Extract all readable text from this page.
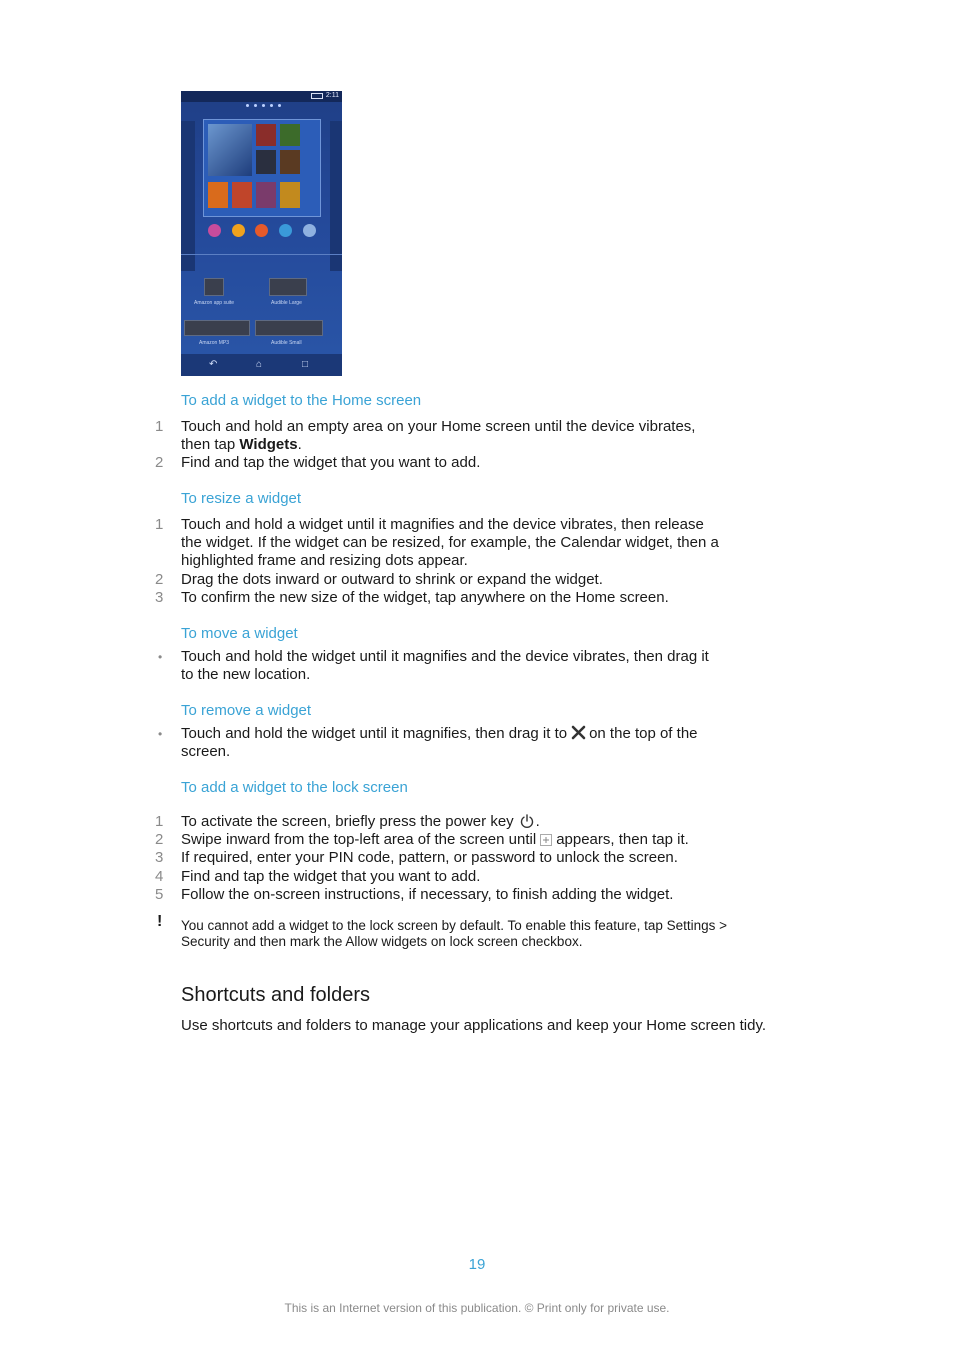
2:11
Amazon app suite	Audible Large
Amazon MP3	Audible Small
↶	⌂	□
To add a widget to the Home screen
1 Touch and hold an empty area on your Home screen until the device vibrates,
then tap Widgets.
2 Find and tap the widget that you want to add.
To resize a widget
1 Touch and hold a widget until it magnifies and the device vibrates, then release
the widget. If the widget can be resized, for example, the Calendar widget, then a
highlighted frame and resizing dots appear.
2 Drag the dots inward or outward to shrink or expand the widget.
3 To confirm the new size of the widget, tap anywhere on the Home screen.
To move a widget
• Touch and hold the widget until it magnifies and the device vibrates, then drag it
to the new location.
To remove a widget
• Touch and hold the widget until it magnifies, then drag it to on the top of the
screen.
To add a widget to the lock screen
1 To activate the screen, briefly press the power key .
2 Swipe inward from the top-left area of the screen until appears, then tap it.
3 If required, enter your PIN code, pattern, or password to unlock the screen.
4 Find and tap the widget that you want to add.
5 Follow the on-screen instructions, if necessary, to finish adding the widget.
! You cannot add a widget to the lock screen by default. To enable this feature, tap Settings >
Security and then mark the Allow widgets on lock screen checkbox.
Shortcuts and folders
Use shortcuts and folders to manage your applications and keep your Home screen tidy.
19
This is an Internet version of this publication. © Print only for private use.
